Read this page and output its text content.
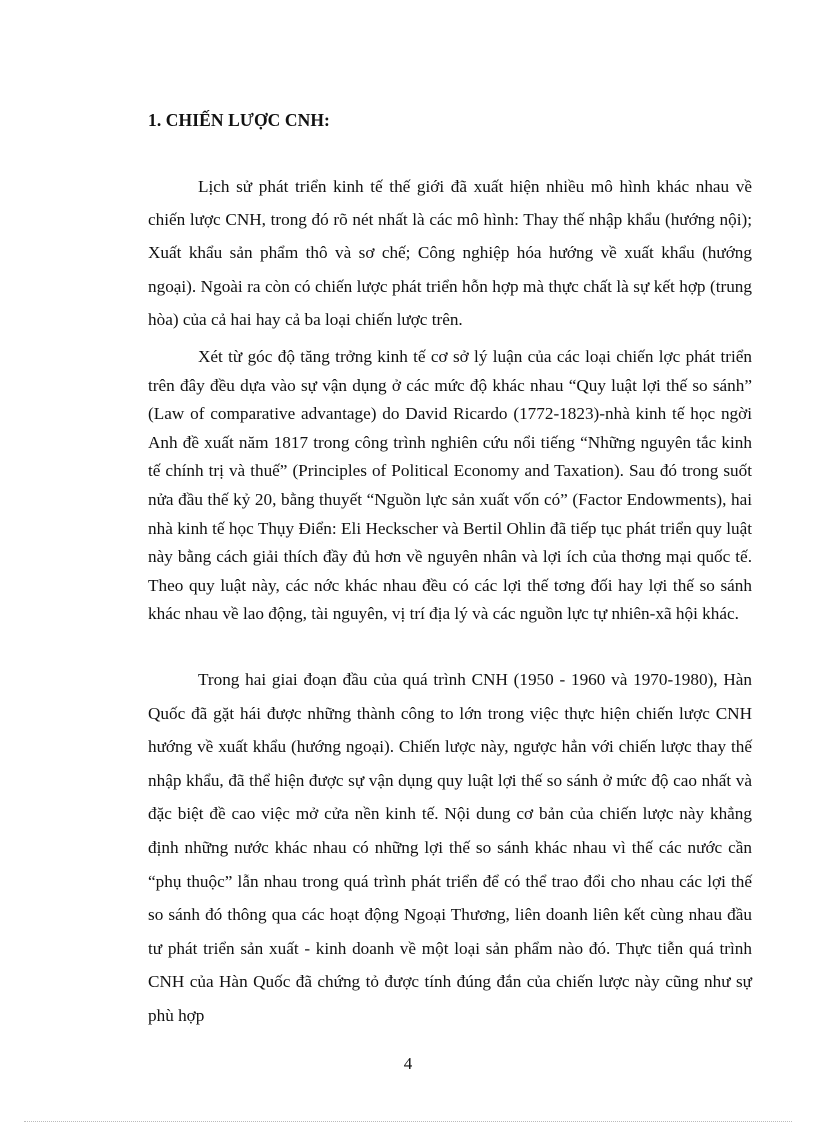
1. CHIẾN LƯỢC CNH:

Lịch sử phát triển kinh tế thế giới đã xuất hiện nhiều mô hình khác nhau về chiến lược CNH, trong đó rõ nét nhất là các mô hình: Thay thế nhập khẩu (hướng nội); Xuất khẩu sản phẩm thô và sơ chế; Công nghiệp hóa hướng về xuất khẩu (hướng ngoại). Ngoài ra còn có chiến lược phát triển hỗn hợp mà thực chất là sự kết hợp (trung hòa) của cả hai hay cả ba loại chiến lược trên.

Xét từ góc độ tăng trởng kinh tế cơ sở lý luận của các loại chiến lợc phát triển trên đây đều dựa vào sự vận dụng ở các mức độ khác nhau “Quy luật lợi thế so sánh” (Law of comparative advantage) do David Ricardo (1772-1823)-nhà kinh tế học ngời Anh đề xuất năm 1817 trong công trình nghiên cứu nổi tiếng “Những nguyên tắc kinh tế chính trị và thuế” (Principles of Political Economy and Taxation). Sau đó trong suốt nửa đầu thế kỷ 20, bằng thuyết “Nguồn lực sản xuất vốn có” (Factor Endowments), hai nhà kinh tế học Thụy Điển: Eli Heckscher và Bertil Ohlin đã tiếp tục phát triển quy luật này bằng cách giải thích đầy đủ hơn về nguyên nhân và lợi ích của thơng mại quốc tế. Theo quy luật này, các nớc khác nhau đều có các lợi thế tơng đối hay lợi thế so sánh khác nhau về lao động, tài nguyên, vị trí địa lý và các nguồn lực tự nhiên-xã hội khác.

Trong hai giai đoạn đầu của quá trình CNH (1950 - 1960 và 1970-1980), Hàn Quốc đã gặt hái được những thành công to lớn trong việc thực hiện chiến lược CNH hướng về xuất khẩu (hướng ngoại). Chiến lược này, ngược hẳn với chiến lược thay thế nhập khẩu, đã thể hiện được sự vận dụng quy luật lợi thế so sánh ở mức độ cao nhất và đặc biệt đề cao việc mở cửa nền kinh tế. Nội dung cơ bản của chiến lược này khẳng định những nước khác nhau có những lợi thế so sánh khác nhau vì thế các nước cần “phụ thuộc” lẫn nhau trong quá trình phát triển để có thể trao đổi cho nhau các lợi thế so sánh đó thông qua các hoạt động Ngoại Thương, liên doanh liên kết cùng nhau đầu tư phát triển sản xuất - kinh doanh về một loại sản phẩm nào đó. Thực tiễn quá trình CNH của Hàn Quốc đã chứng tỏ được tính đúng đắn của chiến lược này cũng như sự phù hợp

4
